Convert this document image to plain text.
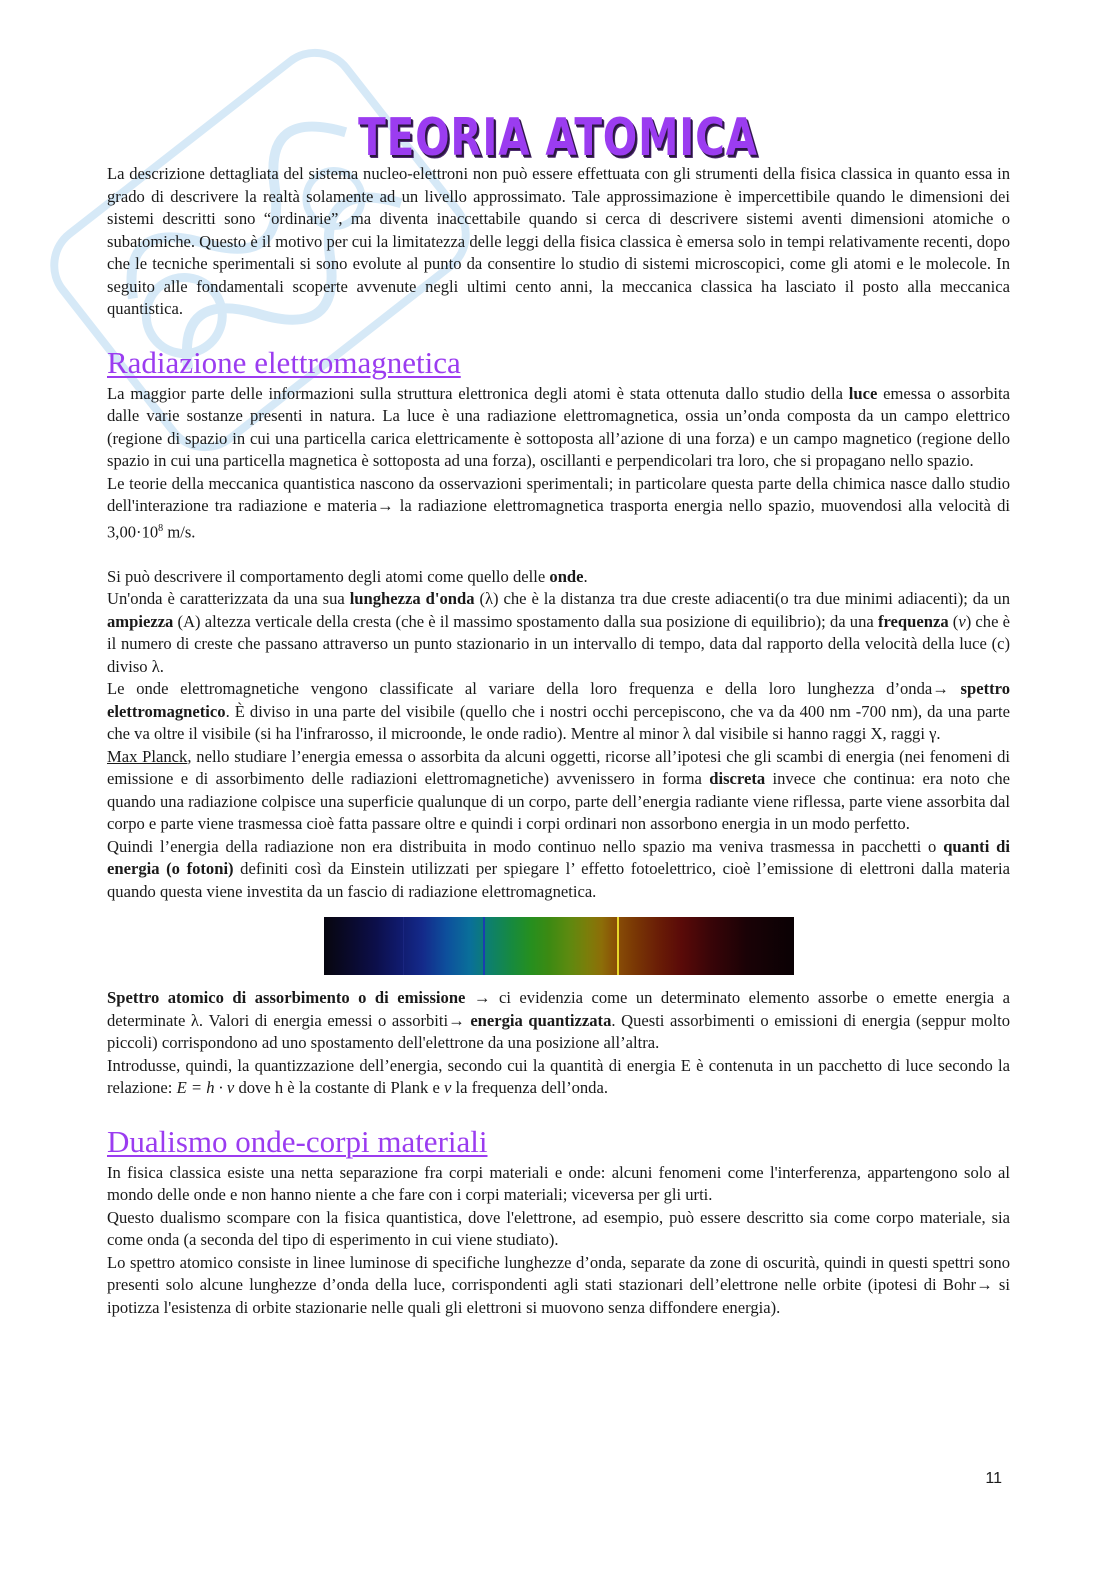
TEORIA ATOMICA

La descrizione dettagliata del sistema nucleo-elettroni non può essere effettuata con gli strumenti della fisica classica in quanto essa in grado di descrivere la realtà solamente ad un livello approssimato. Tale approssimazione è impercettibile quando le dimensioni dei sistemi descritti sono “ordinarie”, ma diventa inaccettabile quando si cerca di descrivere sistemi aventi dimensioni atomiche o subatomiche. Questo è il motivo per cui la limitatezza delle leggi della fisica classica è emersa solo in tempi relativamente recenti, dopo che le tecniche sperimentali si sono evolute al punto da consentire lo studio di sistemi microscopici, come gli atomi e le molecole. In seguito alle fondamentali scoperte avvenute negli ultimi cento anni, la meccanica classica ha lasciato il posto alla meccanica quantistica.

Radiazione elettromagnetica

La maggior parte delle informazioni sulla struttura elettronica degli atomi è stata ottenuta dallo studio della luce emessa o assorbita dalle varie sostanze presenti in natura. La luce è una radiazione elettromagnetica, ossia un’onda composta da un campo elettrico (regione di spazio in cui una particella carica elettricamente è sottoposta all’azione di una forza) e un campo magnetico (regione dello spazio in cui una particella magnetica è sottoposta ad una forza), oscillanti e perpendicolari tra loro, che si propagano nello spazio.

Le teorie della meccanica quantistica nascono da osservazioni sperimentali; in particolare questa parte della chimica nasce dallo studio dell'interazione tra radiazione e materia→ la radiazione elettromagnetica trasporta energia nello spazio, muovendosi alla velocità di $3,00\cdot 10^8$ m/s.

Si può descrivere il comportamento degli atomi come quello delle onde.

Un'onda è caratterizzata da una sua lunghezza d'onda (λ) che è la distanza tra due creste adiacenti(o tra due minimi adiacenti); da un ampiezza (A) altezza verticale della cresta (che è il massimo spostamento dalla sua posizione di equilibrio); da una frequenza (ν) che è il numero di creste che passano attraverso un punto stazionario in un intervallo di tempo, data dal rapporto della velocità della luce (c) diviso λ.

Le onde elettromagnetiche vengono classificate al variare della loro frequenza e della loro lunghezza d’onda→ spettro elettromagnetico. È diviso in una parte del visibile (quello che i nostri occhi percepiscono, che va da 400 nm -700 nm), da una parte che va oltre il visibile (si ha l'infrarosso, il microonde, le onde radio). Mentre al minor λ dal visibile si hanno raggi X, raggi γ.

Max Planck, nello studiare l’energia emessa o assorbita da alcuni oggetti, ricorse all’ipotesi che gli scambi di energia (nei fenomeni di emissione e di assorbimento delle radiazioni elettromagnetiche) avvenissero in forma discreta invece che continua: era noto che quando una radiazione colpisce una superficie qualunque di un corpo, parte dell’energia radiante viene riflessa, parte viene assorbita dal corpo e parte viene trasmessa cioè fatta passare oltre e quindi i corpi ordinari non assorbono energia in un modo perfetto.

Quindi l’energia della radiazione non era distribuita in modo continuo nello spazio ma veniva trasmessa in pacchetti o quanti di energia (o fotoni) definiti così da Einstein utilizzati per spiegare l’ effetto fotoelettrico, cioè l’emissione di elettroni dalla materia quando questa viene investita da un fascio di radiazione elettromagnetica.

Spettro atomico di assorbimento o di emissione → ci evidenzia come un determinato elemento assorbe o emette energia a determinate λ. Valori di energia emessi o assorbiti→ energia quantizzata. Questi assorbimenti o emissioni di energia (seppur molto piccoli) corrispondono ad uno spostamento dell'elettrone da una posizione all’altra.

Introdusse, quindi, la quantizzazione dell’energia, secondo cui la quantità di energia E è contenuta in un pacchetto di luce secondo la relazione: E = h · ν dove h è la costante di Plank e ν la frequenza dell’onda.

Dualismo onde-corpi materiali

In fisica classica esiste una netta separazione fra corpi materiali e onde: alcuni fenomeni come l'interferenza, appartengono solo al mondo delle onde e non hanno niente a che fare con i corpi materiali; viceversa per gli urti.

Questo dualismo scompare con la fisica quantistica, dove l'elettrone, ad esempio, può essere descritto sia come corpo materiale, sia come onda (a seconda del tipo di esperimento in cui viene studiato).

Lo spettro atomico consiste in linee luminose di specifiche lunghezze d’onda, separate da zone di oscurità, quindi in questi spettri sono presenti solo alcune lunghezze d’onda della luce, corrispondenti agli stati stazionari dell’elettrone nelle orbite (ipotesi di Bohr→ si ipotizza l'esistenza di orbite stazionarie nelle quali gli elettroni si muovono senza diffondere energia).

11
